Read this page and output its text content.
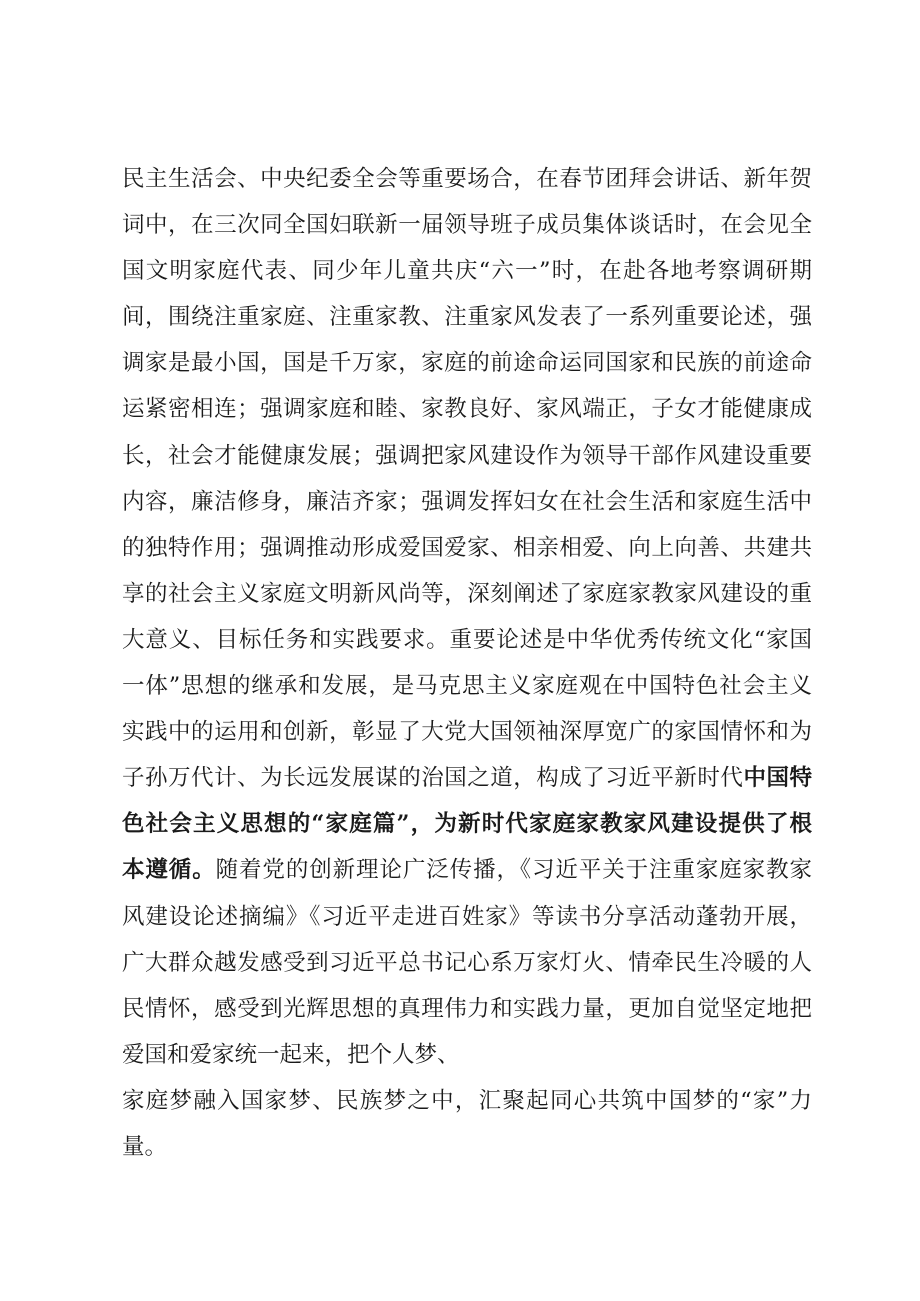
民主生活会、中央纪委全会等重要场合，在春节团拜会讲话、新年贺
词中，在三次同全国妇联新一届领导班子成员集体谈话时，在会见全
国文明家庭代表、同少年儿童共庆“六一”时，在赴各地考察调研期
间，围绕注重家庭、注重家教、注重家风发表了一系列重要论述，强
调家是最小国，国是千万家，家庭的前途命运同国家和民族的前途命
运紧密相连；强调家庭和睦、家教良好、家风端正，子女才能健康成
长，社会才能健康发展；强调把家风建设作为领导干部作风建设重要
内容，廉洁修身，廉洁齐家；强调发挥妇女在社会生活和家庭生活中
的独特作用；强调推动形成爱国爱家、相亲相爱、向上向善、共建共
享的社会主义家庭文明新风尚等，深刻阐述了家庭家教家风建设的重
大意义、目标任务和实践要求。重要论述是中华优秀传统文化“家国
一体”思想的继承和发展，是马克思主义家庭观在中国特色社会主义
实践中的运用和创新，彰显了大党大国领袖深厚宽广的家国情怀和为
子孙万代计、为长远发展谋的治国之道，构成了习近平新时代中国特
色社会主义思想的“家庭篇”，为新时代家庭家教家风建设提供了根
本遵循。随着党的创新理论广泛传播，《习近平关于注重家庭家教家
风建设论述摘编》《习近平走进百姓家》等读书分享活动蓬勃开展，
广大群众越发感受到习近平总书记心系万家灯火、情牵民生冷暖的人
民情怀，感受到光辉思想的真理伟力和实践力量，更加自觉坚定地把
爱国和爱家统一起来，把个人梦、
家庭梦融入国家梦、民族梦之中，汇聚起同心共筑中国梦的“家”力
量。
